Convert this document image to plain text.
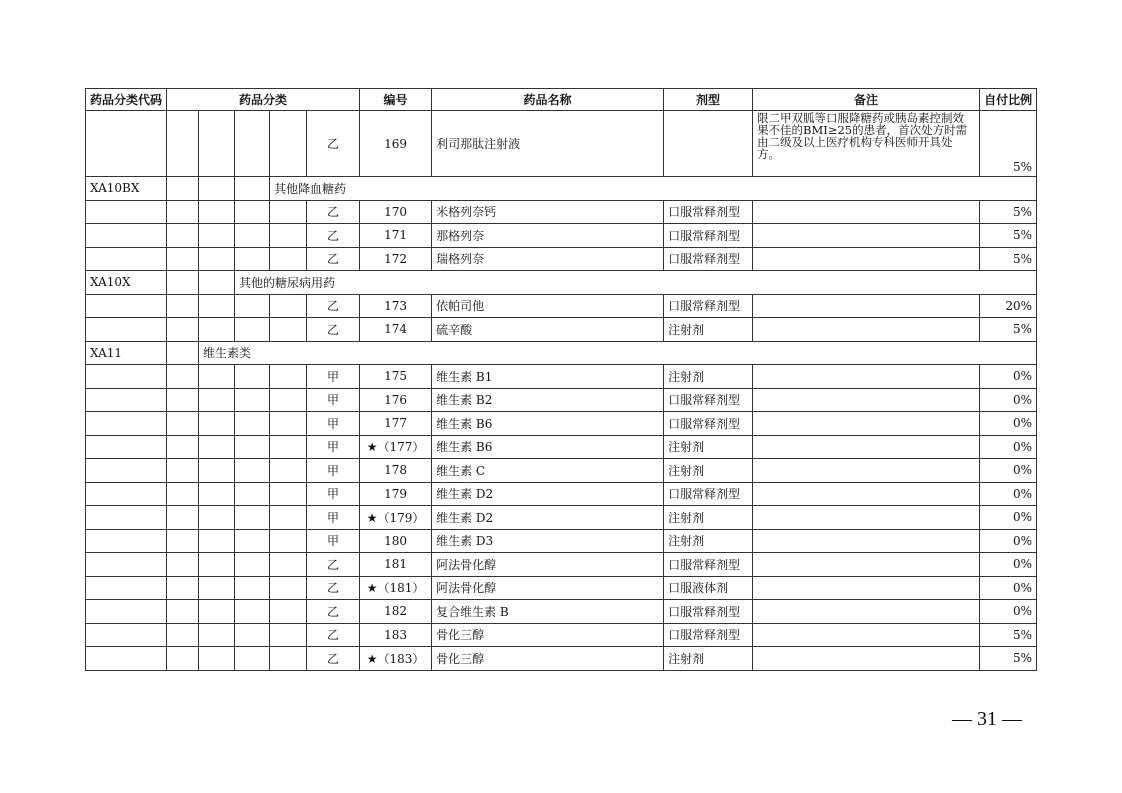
药品分类代码	药品分类					编号	药品名称	剂型	备注	自付比例
					乙	169	利司那肽注射液		限二甲双胍等口服降糖药或胰岛素控制效果不佳的BMI≥25的患者，首次处方时需由二级及以上医疗机构专科医师开具处方。	5%
XA10BX				其他降血糖药						
					乙	170	米格列奈钙	口服常释剂型		5%
					乙	171	那格列奈	口服常释剂型		5%
					乙	172	瑞格列奈	口服常释剂型		5%
XA10X			其他的糖尿病用药							
					乙	173	依帕司他	口服常释剂型		20%
					乙	174	硫辛酸	注射剂		5%
XA11		维生素类								
					甲	175	维生素 B1	注射剂		0%
					甲	176	维生素 B2	口服常释剂型		0%
					甲	177	维生素 B6	口服常释剂型		0%
					甲	★（177）	维生素 B6	注射剂		0%
					甲	178	维生素 C	注射剂		0%
					甲	179	维生素 D2	口服常释剂型		0%
					甲	★（179）	维生素 D2	注射剂		0%
					甲	180	维生素 D3	注射剂		0%
					乙	181	阿法骨化醇	口服常释剂型		0%
					乙	★（181）	阿法骨化醇	口服液体剂		0%
					乙	182	复合维生素 B	口服常释剂型		0%
					乙	183	骨化三醇	口服常释剂型		5%
					乙	★（183）	骨化三醇	注射剂		5%
— 31 —
